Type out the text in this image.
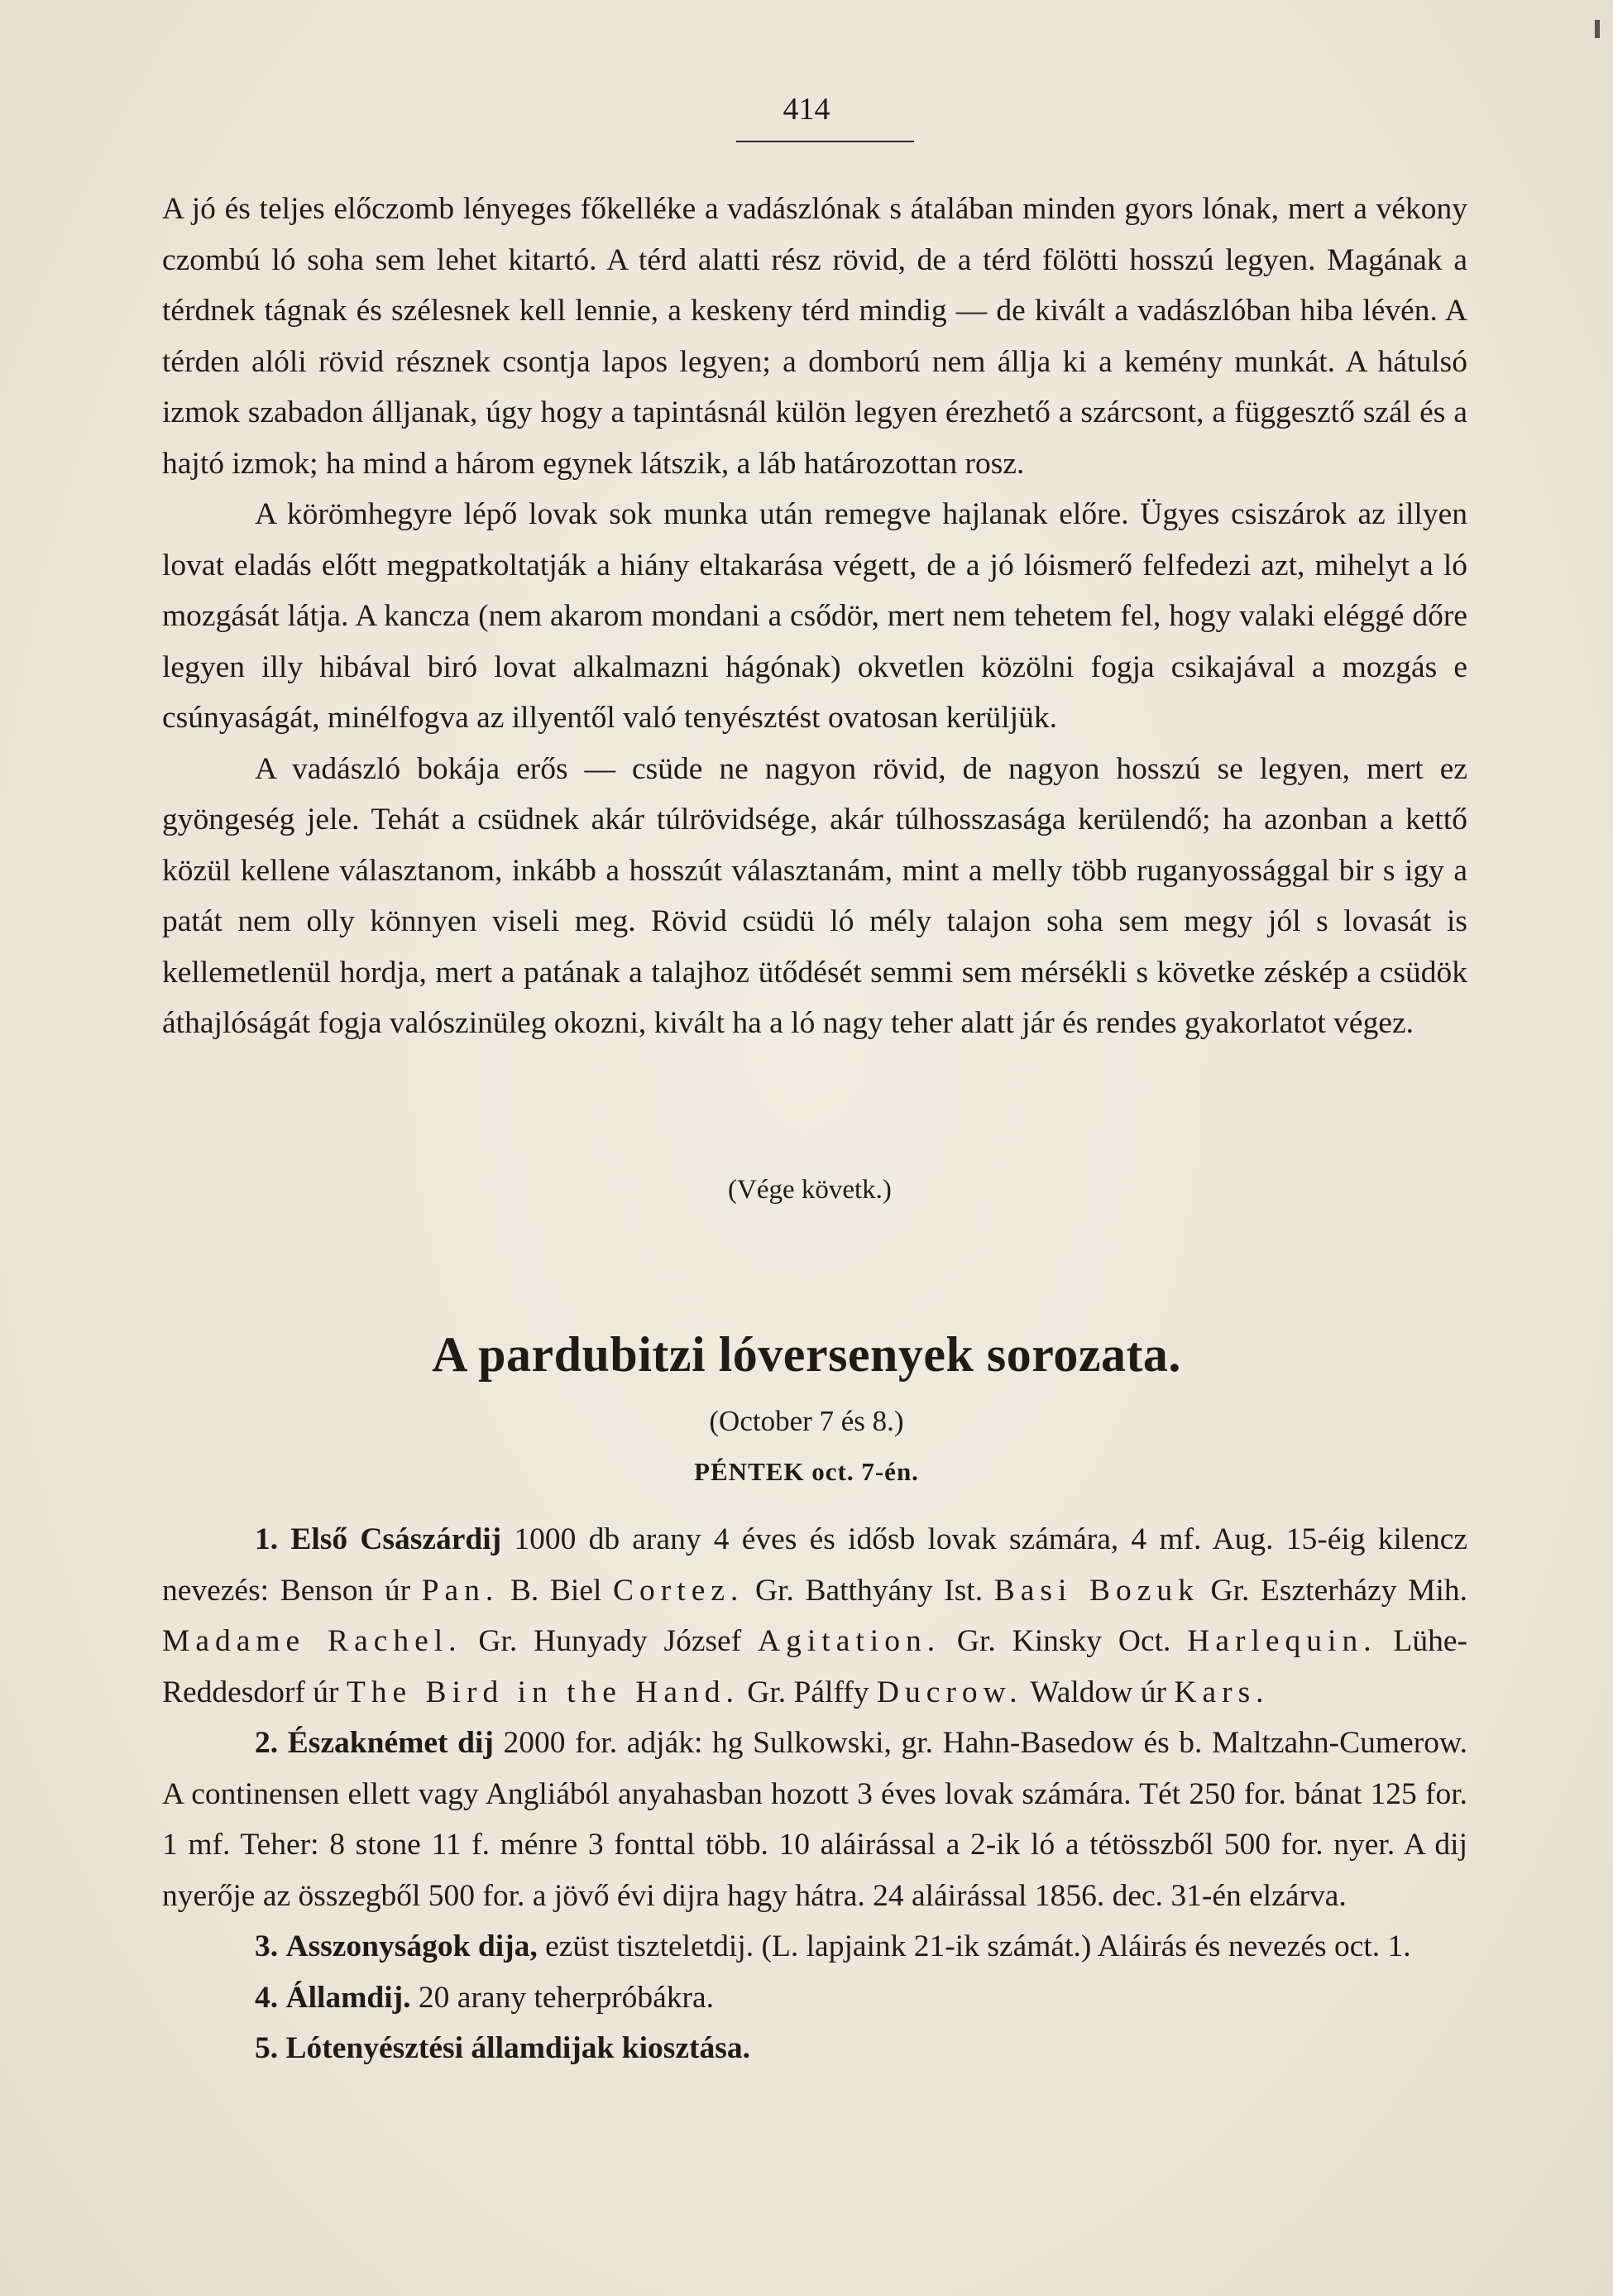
414

A jó és teljes előczomb lényeges főkelléke a vadászlónak s átalában minden gyors lónak, mert a vékony czombú ló soha sem lehet kitartó. A térd alatti rész rövid, de a térd fölötti hosszú legyen. Magának a térdnek tágnak és szélesnek kell lennie, a keskeny térd mindig — de kivált a vadászlóban hiba lévén. A térden alóli rövid résznek csontja lapos legyen; a domború nem állja ki a kemény munkát. A hátulsó izmok szabadon álljanak, úgy hogy a tapintásnál külön legyen érezhető a szárcsont, a függesztő szál és a hajtó izmok; ha mind a három egynek látszik, a láb határozottan rosz.

A körömhegyre lépő lovak sok munka után remegve hajlanak előre. Ügyes csiszárok az illyen lovat eladás előtt megpatkoltatják a hiány eltakarása végett, de a jó lóismerő felfedezi azt, mihelyt a ló mozgását látja. A kancza (nem akarom mondani a csődör, mert nem tehetem fel, hogy valaki eléggé dőre legyen illy hibával biró lovat alkalmazni hágónak) okvetlen közölni fogja csikajával a mozgás e csúnyaságát, minélfogva az illyentől való tenyésztést ovatosan kerüljük.

A vadászló bokája erős — csüde ne nagyon rövid, de nagyon hosszú se legyen, mert ez gyöngeség jele. Tehát a csüdnek akár túlrövidsége, akár túlhosszasága kerülendő; ha azonban a kettő közül kellene választanom, inkább a hosszút választanám, mint a melly több ruganyossággal bir s igy a patát nem olly könnyen viseli meg. Rövid csüdü ló mély talajon soha sem megy jól s lovasát is kellemetlenül hordja, mert a patának a talajhoz ütődését semmi sem mérsékli s követke zéskép a csüdök áthajlóságát fogja valószinüleg okozni, kivált ha a ló nagy teher alatt jár és rendes gyakorlatot végez.

(Vége követk.)
A pardubitzi lóversenyek sorozata.
(October 7 és 8.)
PÉNTEK oct. 7-én.

1. Első Császárdij 1000 db arany 4 éves és idősb lovak számára, 4 mf. Aug. 15-éig kilencz nevezés: Benson úr Pan. B. Biel Cortez. Gr. Batthyány Ist. Basi Bozuk Gr. Eszterházy Mih. Madame Rachel. Gr. Hunyady József Agitation. Gr. Kinsky Oct. Harlequin. Lühe-Reddesdorf úr The Bird in the Hand. Gr. Pálffy Ducrow. Waldow úr Kars.

2. Északnémet dij 2000 for. adják: hg Sulkowski, gr. Hahn-Basedow és b. Maltzahn-Cumerow. A continensen ellett vagy Angliából anyahasban hozott 3 éves lovak számára. Tét 250 for. bánat 125 for. 1 mf. Teher: 8 stone 11 f. ménre 3 fonttal több. 10 aláirással a 2-ik ló a tétösszből 500 for. nyer. A dij nyerője az összegből 500 for. a jövő évi dijra hagy hátra. 24 aláirással 1856. dec. 31-én elzárva.

3. Asszonyságok dija, ezüst tiszteletdij. (L. lapjaink 21-ik számát.) Aláirás és nevezés oct. 1.

4. Államdij. 20 arany teherpróbákra.

5. Lótenyésztési államdijak kiosztása.
